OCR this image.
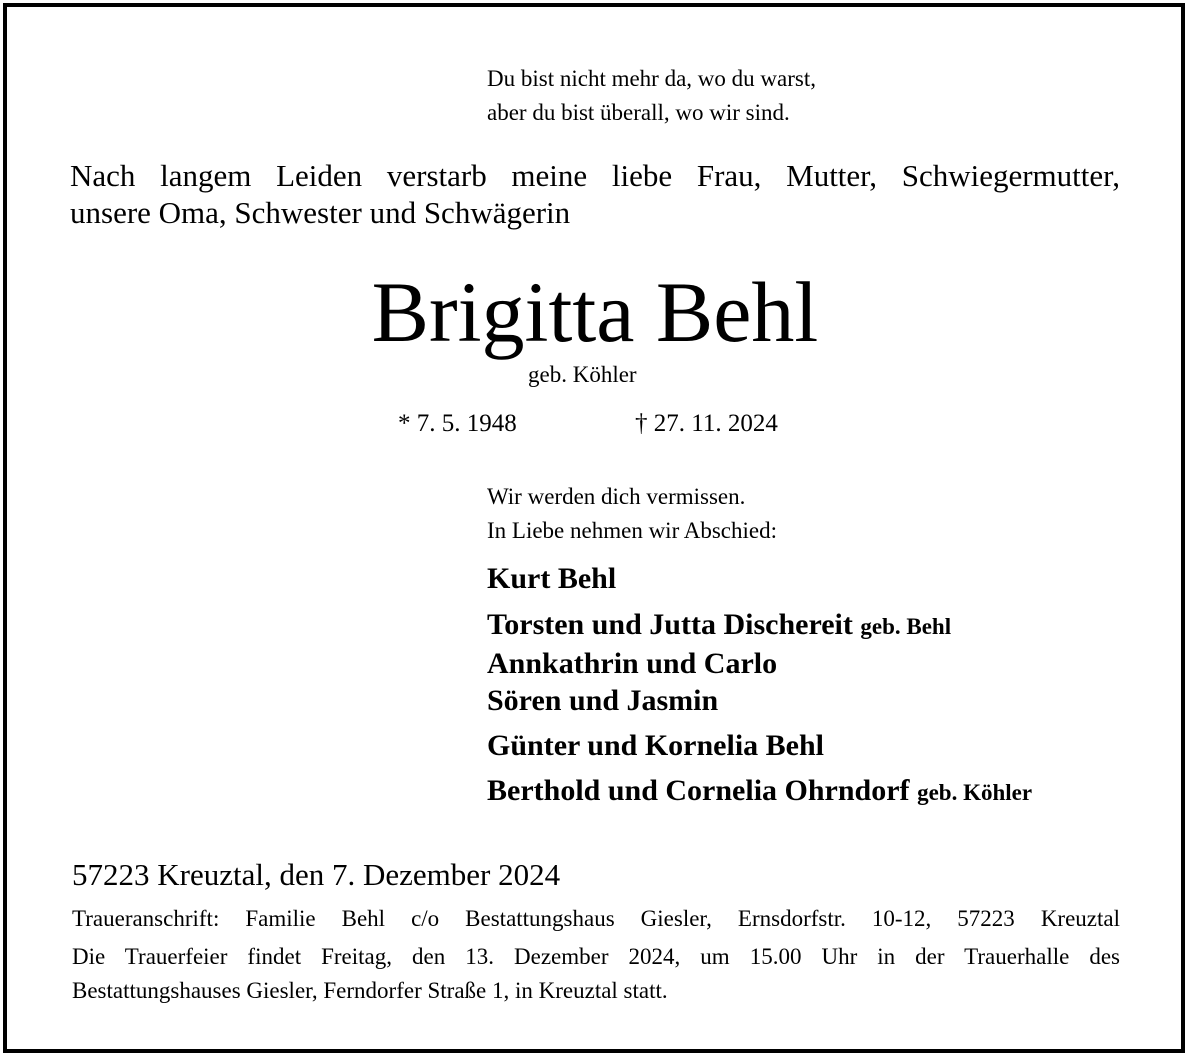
Du bist nicht mehr da, wo du warst,
aber du bist überall, wo wir sind.
Nach langem Leiden verstarb meine liebe Frau, Mutter, Schwiegermutter,
unsere Oma, Schwester und Schwägerin
Brigitta Behl
geb. Köhler
* 7. 5. 1948	† 27. 11. 2024
Wir werden dich vermissen.
In Liebe nehmen wir Abschied:
Kurt Behl
Torsten und Jutta Dischereit geb. Behl
Annkathrin und Carlo
Sören und Jasmin
Günter und Kornelia Behl
Berthold und Cornelia Ohrndorf geb. Köhler
57223 Kreuztal, den 7. Dezember 2024
Traueranschrift: Familie Behl c/o Bestattungshaus Giesler, Ernsdorfstr. 10-12, 57223 Kreuztal
Die Trauerfeier findet Freitag, den 13. Dezember 2024, um 15.00 Uhr in der Trauerhalle des
Bestattungshauses Giesler, Ferndorfer Straße 1, in Kreuztal statt.
